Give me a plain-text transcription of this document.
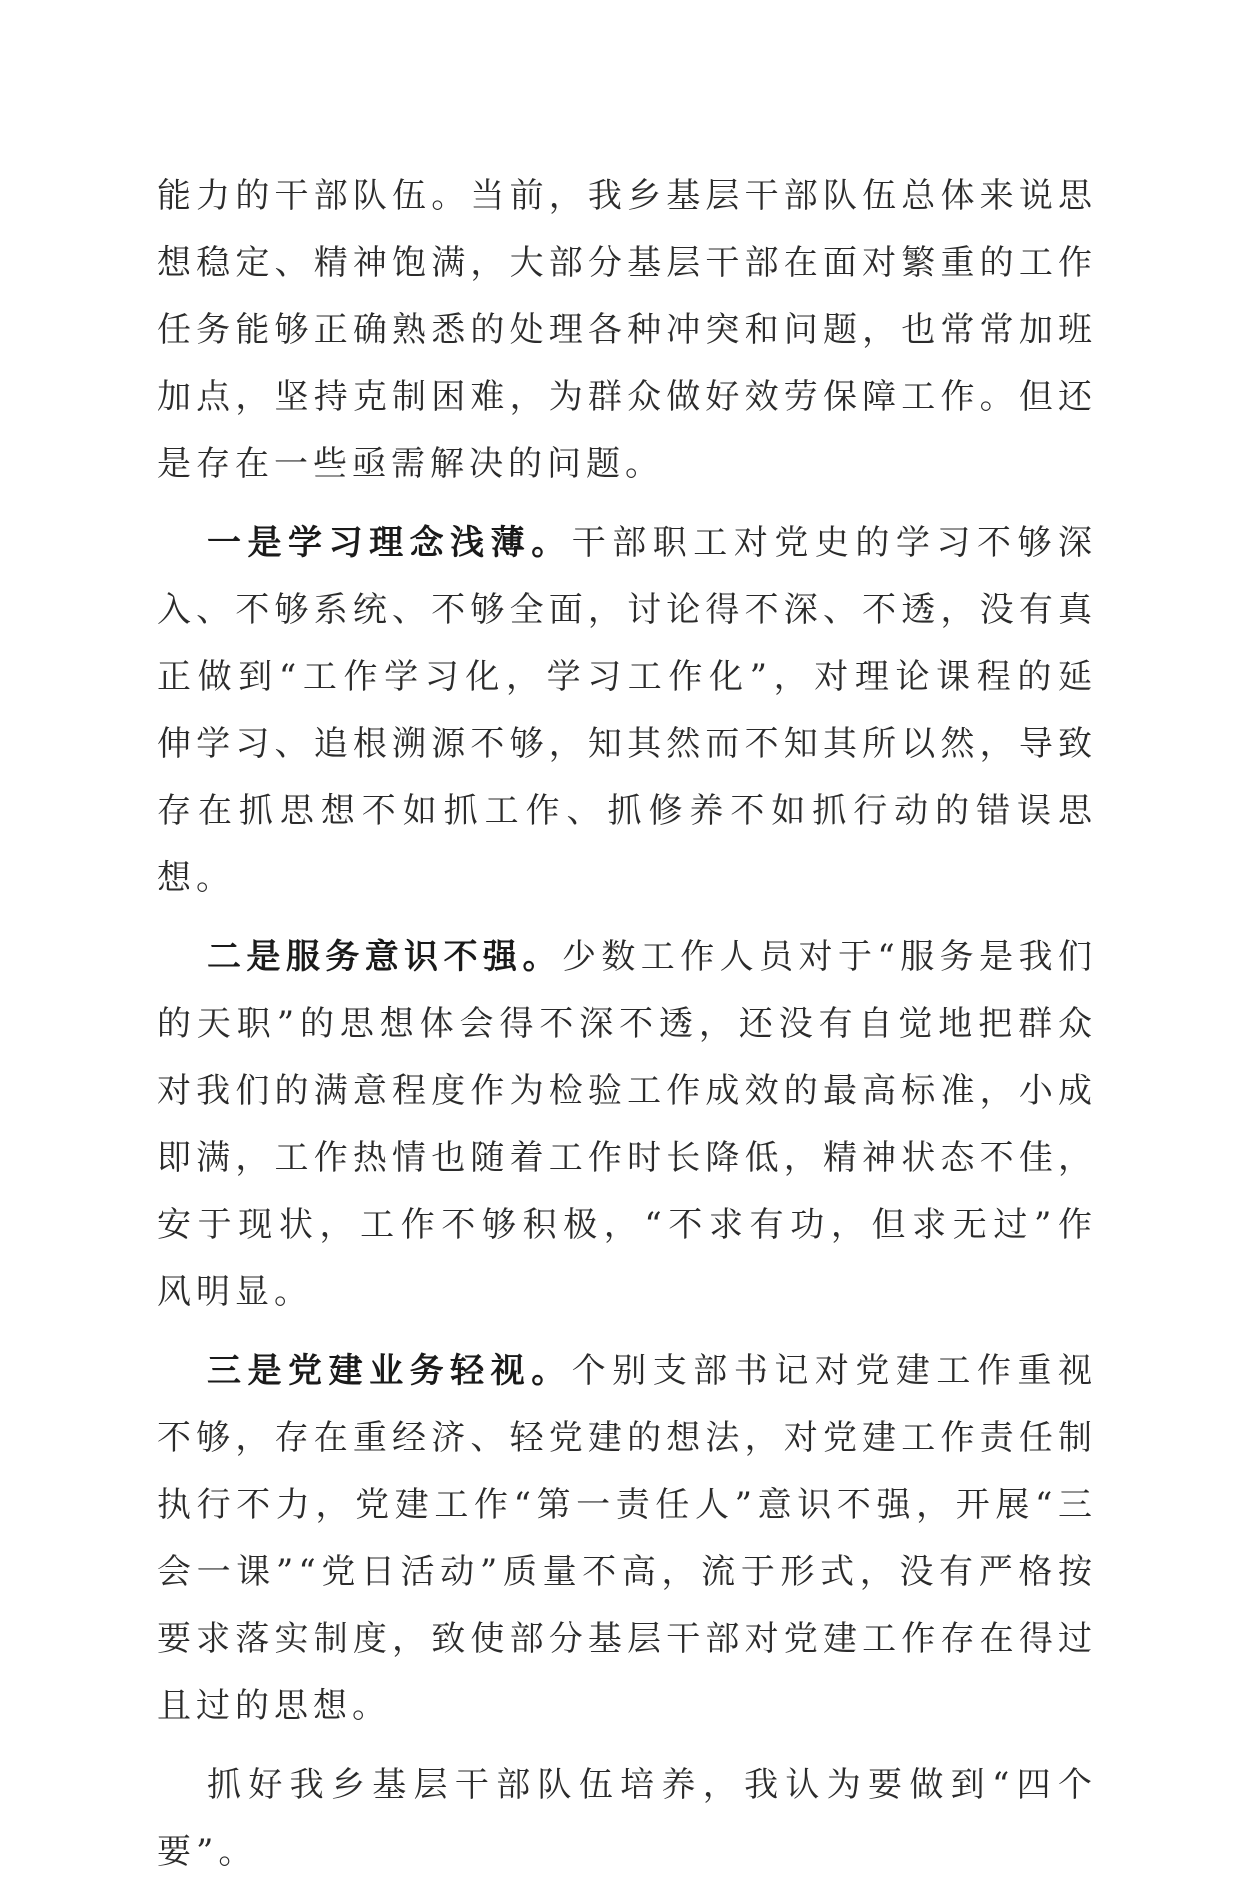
能力的干部队伍。当前，我乡基层干部队伍总体来说思想稳定、精神饱满，大部分基层干部在面对繁重的工作任务能够正确熟悉的处理各种冲突和问题，也常常加班加点，坚持克制困难，为群众做好效劳保障工作。但还是存在一些亟需解决的问题。

一是学习理念浅薄。干部职工对党史的学习不够深入、不够系统、不够全面，讨论得不深、不透，没有真正做到“工作学习化，学习工作化”，对理论课程的延伸学习、追根溯源不够，知其然而不知其所以然，导致存在抓思想不如抓工作、抓修养不如抓行动的错误思想。

二是服务意识不强。少数工作人员对于“服务是我们的天职”的思想体会得不深不透，还没有自觉地把群众对我们的满意程度作为检验工作成效的最高标准，小成即满，工作热情也随着工作时长降低，精神状态不佳，安于现状，工作不够积极，“不求有功，但求无过”作风明显。

三是党建业务轻视。个别支部书记对党建工作重视不够，存在重经济、轻党建的想法，对党建工作责任制执行不力，党建工作“第一责任人”意识不强，开展“三会一课”“党日活动”质量不高，流于形式，没有严格按要求落实制度，致使部分基层干部对党建工作存在得过且过的思想。

抓好我乡基层干部队伍培养，我认为要做到“四个要”。
